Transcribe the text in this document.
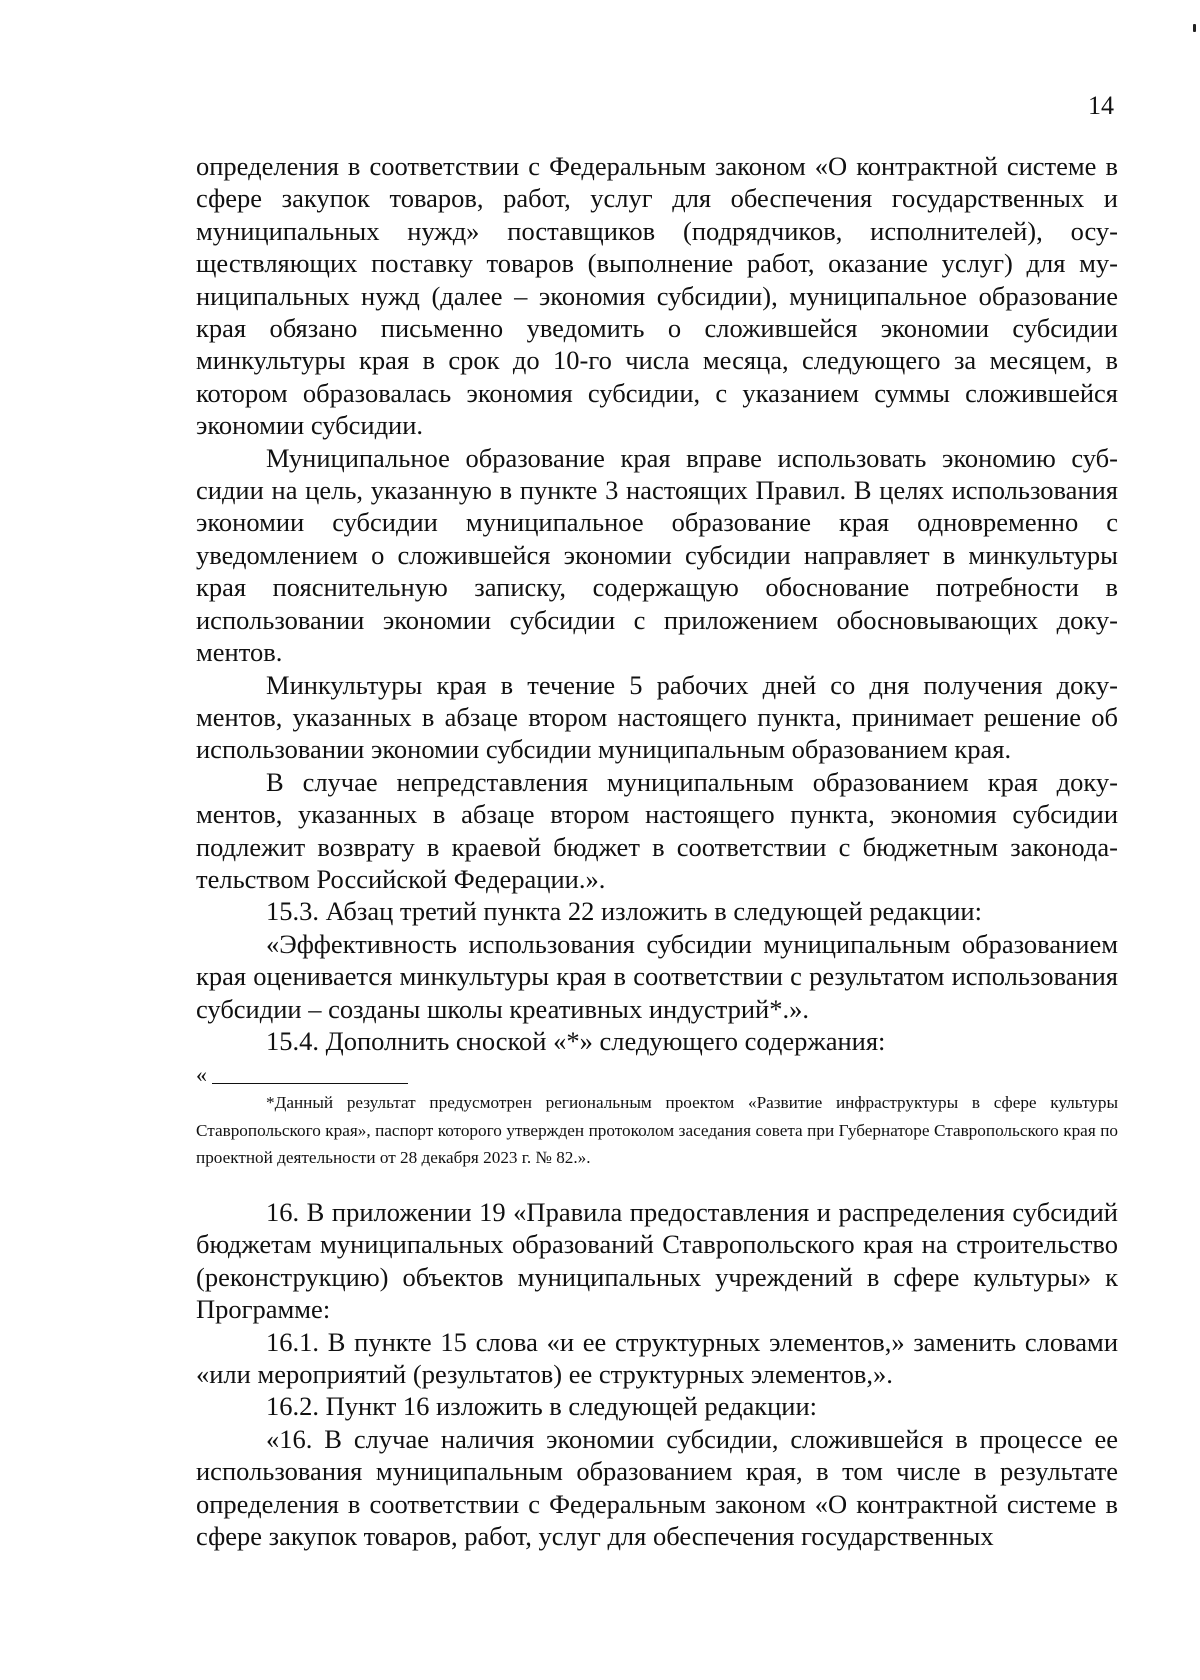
14

определения в соответствии с Федеральным законом «О контрактной системе в сфере закупок товаров, работ, услуг для обеспечения государственных и муниципальных нужд» поставщиков (подрядчиков, исполнителей), осуществляющих поставку товаров (выполнение работ, оказание услуг) для муниципальных нужд (далее – экономия субсидии), муниципальное образование края обязано письменно уведомить о сложившейся экономии субсидии минкультуры края в срок до 10-го числа месяца, следующего за месяцем, в котором образовалась экономия субсидии, с указанием суммы сложившейся экономии субсидии.

Муниципальное образование края вправе использовать экономию субсидии на цель, указанную в пункте 3 настоящих Правил. В целях использования экономии субсидии муниципальное образование края одновременно с уведомлением о сложившейся экономии субсидии направляет в минкультуры края пояснительную записку, содержащую обоснование потребности в использовании экономии субсидии с приложением обосновывающих документов.

Минкультуры края в течение 5 рабочих дней со дня получения документов, указанных в абзаце втором настоящего пункта, принимает решение об использовании экономии субсидии муниципальным образованием края.

В случае непредставления муниципальным образованием края документов, указанных в абзаце втором настоящего пункта, экономия субсидии подлежит возврату в краевой бюджет в соответствии с бюджетным законодательством Российской Федерации.».

15.3. Абзац третий пункта 22 изложить в следующей редакции:

«Эффективность использования субсидии муниципальным образованием края оценивается минкультуры края в соответствии с результатом использования субсидии – созданы школы креативных индустрий*.».

15.4. Дополнить сноской «*» следующего содержания:

«

*Данный результат предусмотрен региональным проектом «Развитие инфраструктуры в сфере культуры Ставропольского края», паспорт которого утвержден протоколом заседания совета при Губернаторе Ставропольского края по проектной деятельности от 28 декабря 2023 г. № 82.».

16. В приложении 19 «Правила предоставления и распределения субсидий бюджетам муниципальных образований Ставропольского края на строительство (реконструкцию) объектов муниципальных учреждений в сфере культуры» к Программе:

16.1. В пункте 15 слова «и ее структурных элементов,» заменить словами «или мероприятий (результатов) ее структурных элементов,».

16.2. Пункт 16 изложить в следующей редакции:

«16. В случае наличия экономии субсидии, сложившейся в процессе ее использования муниципальным образованием края, в том числе в результате определения в соответствии с Федеральным законом «О контрактной системе в сфере закупок товаров, работ, услуг для обеспечения государственных
